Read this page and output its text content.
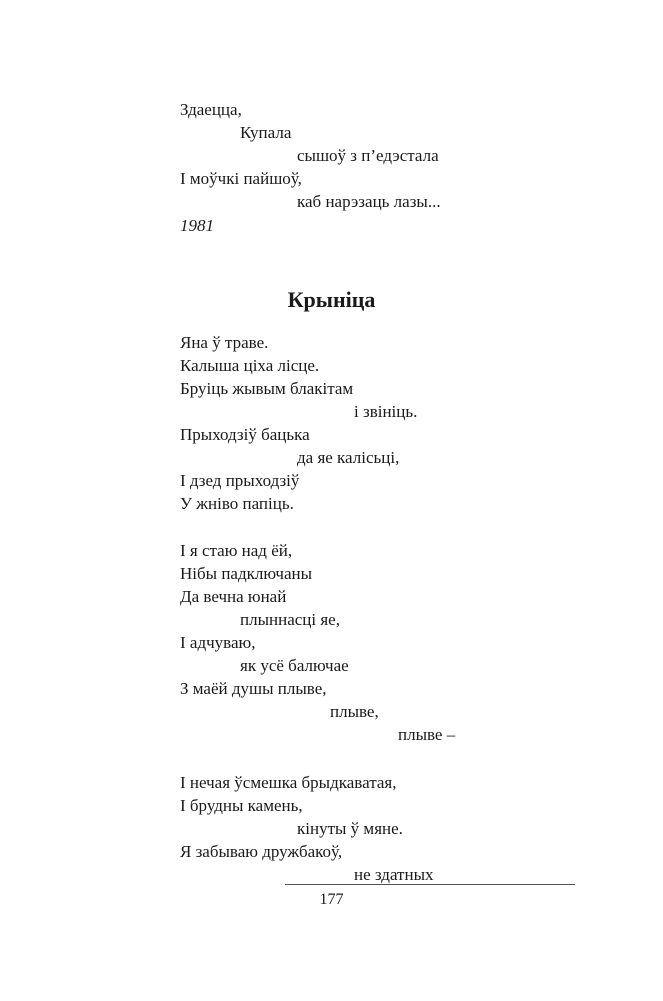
Здаецца,
Купала
сышоў з п’едэстала
І моўчкі пайшоў,
каб нарэзаць лазы...
1981
Крыніца
Яна ў траве.
Калыша ціха лісце.
Бруіць жывым блакітам
і звініць.
Прыходзіў бацька
да яе калісьці,
І дзед прыходзіў
У жніво папіць.
І я стаю над ёй,
Нібы падключаны
Да вечна юнай
плыннасці яе,
І адчуваю,
як усё балючае
З маёй душы плыве,
плыве,
плыве –
І нечая ўсмешка брыдкаватая,
І брудны камень,
кінуты ў мяне.
Я забываю дружбакоў,
не здатных
177
